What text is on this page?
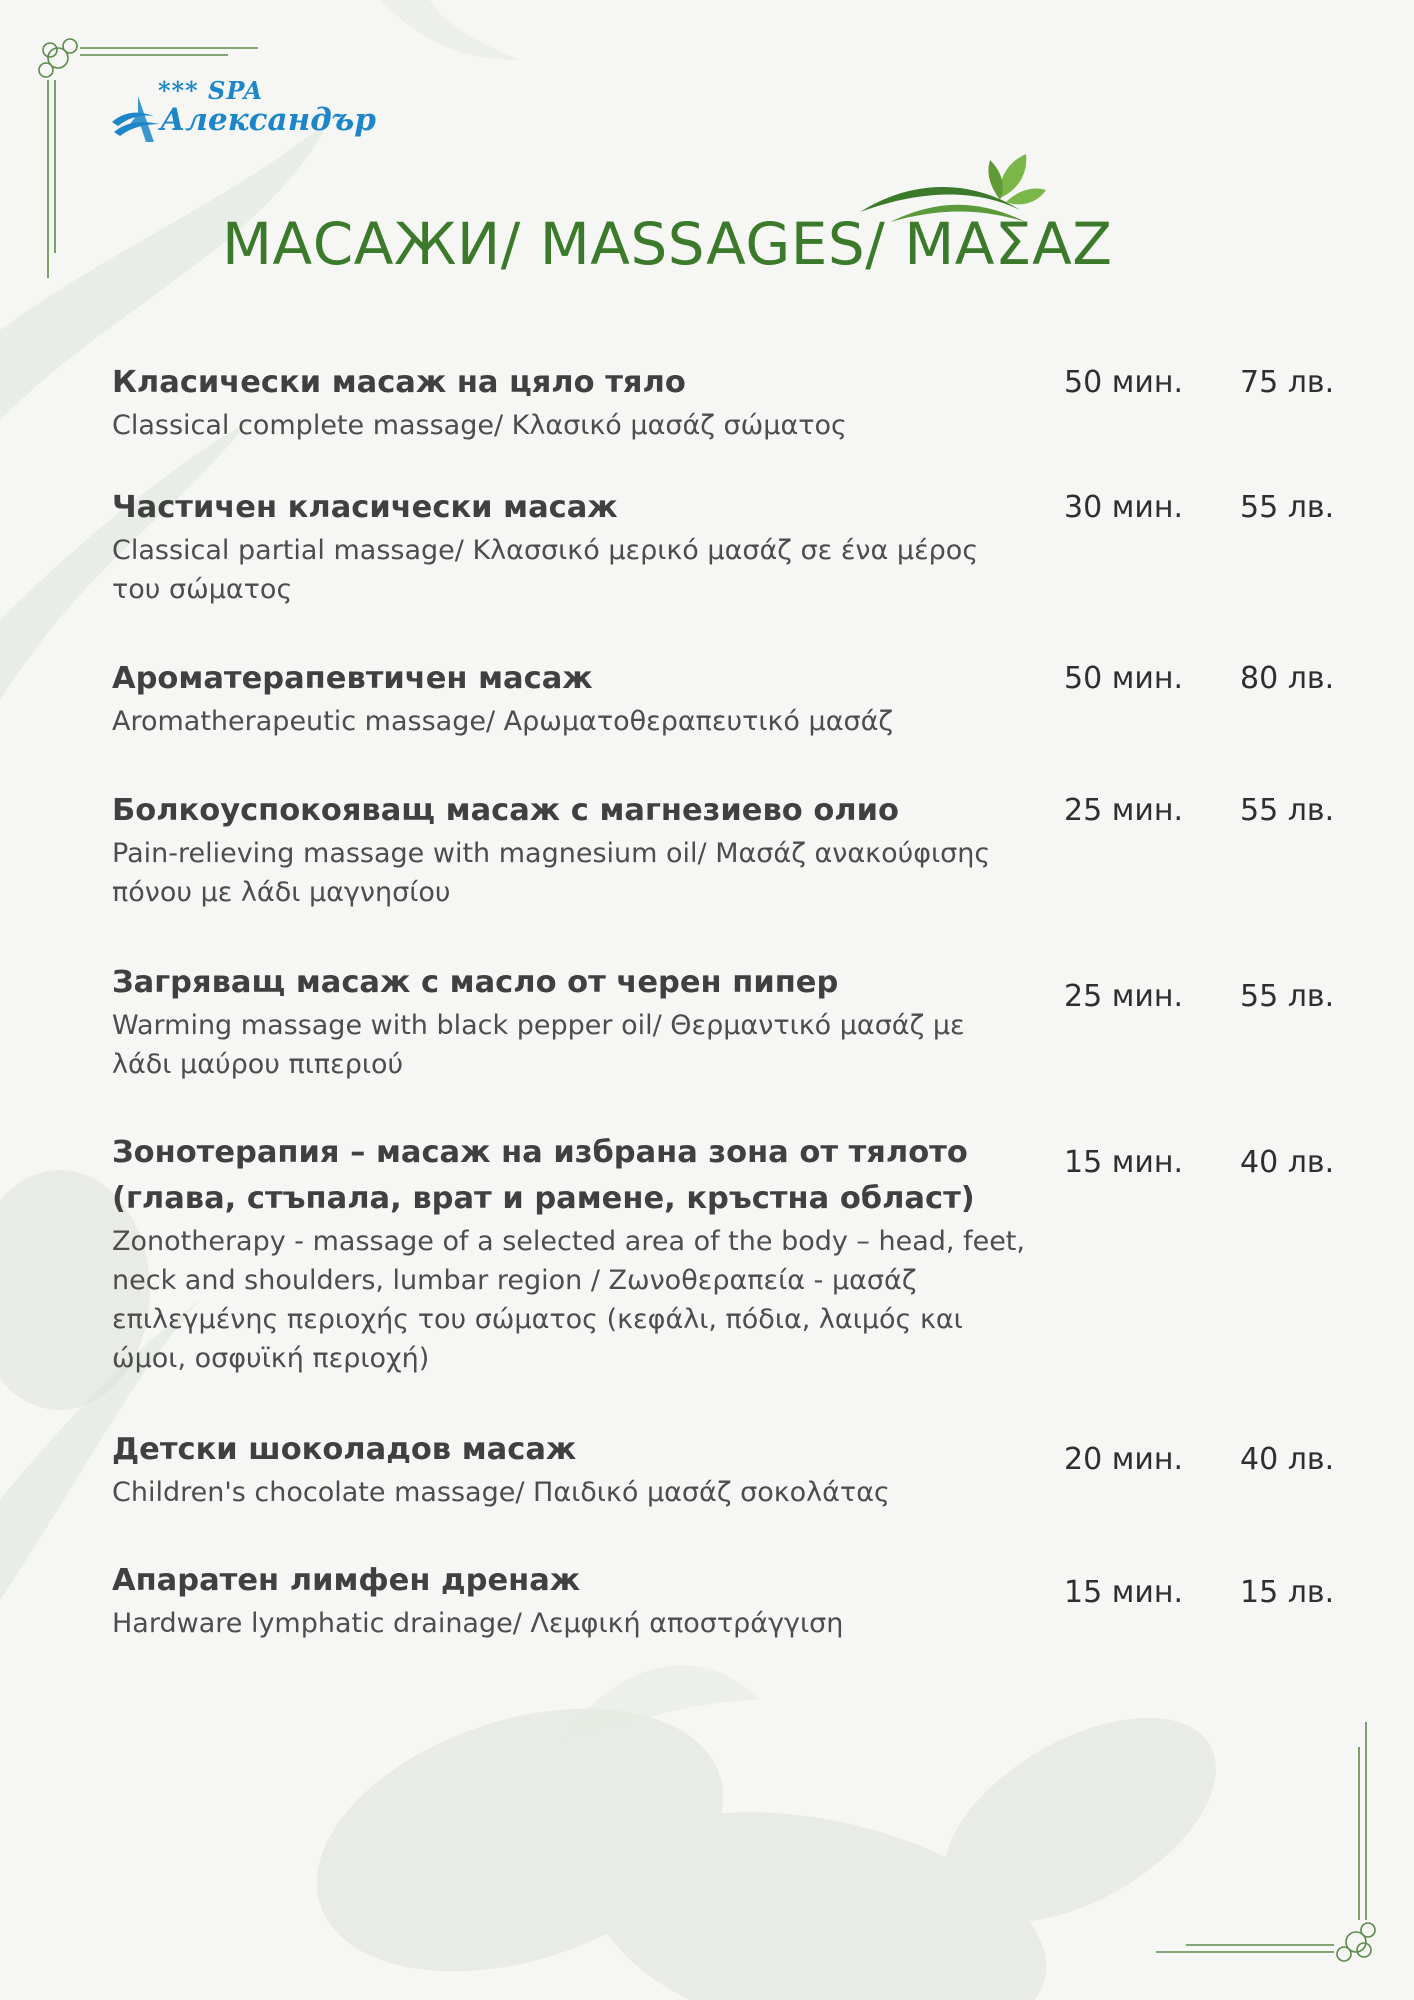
*** SPA
Александър
МАСАЖИ/ MASSAGES/ ΜΑΣΑΖ

Класически масаж на цяло тяло

Classical complete massage/ Κλασικό μασάζ σώματος

50 мин. 75 лв.

Частичен класически масаж

Classical partial massage/ Κλασσικό μερικό μασάζ σε ένα μέρος του σώματος

30 мин. 55 лв.

Ароматерапевтичен масаж

Aromatherapeutic massage/ Αρωματοθεραπευτικό μασάζ

50 мин. 80 лв.

Болкоуспокояващ масаж с магнезиево олио

Pain-relieving massage with magnesium oil/ Μασάζ ανακούφισης πόνου με λάδι μαγνησίου

25 мин. 55 лв.

Загряващ масаж с масло от черен пипер

Warming massage with black pepper oil/ Θερμαντικό μασάζ με λάδι μαύρου πιπεριού

25 мин. 55 лв.

Зонотерапия – масаж на избрана зона от тялото (глава, стъпала, врат и рамене, кръстна област)

Zonotherapy - massage of a selected area of the body – head, feet, neck and shoulders, lumbar region / Ζωνοθεραπεία - μασάζ επιλεγμένης περιοχής του σώματος (κεφάλι, πόδια, λαιμός και ώμοι, οσφυϊκή περιοχή)

15 мин. 40 лв.

Детски шоколадов масаж

Children's chocolate massage/ Παιδικό μασάζ σοκολάτας

20 мин. 40 лв.

Апаратен лимфен дренаж

Hardware lymphatic drainage/ Λεμφική αποστράγγιση

15 мин. 15 лв.
